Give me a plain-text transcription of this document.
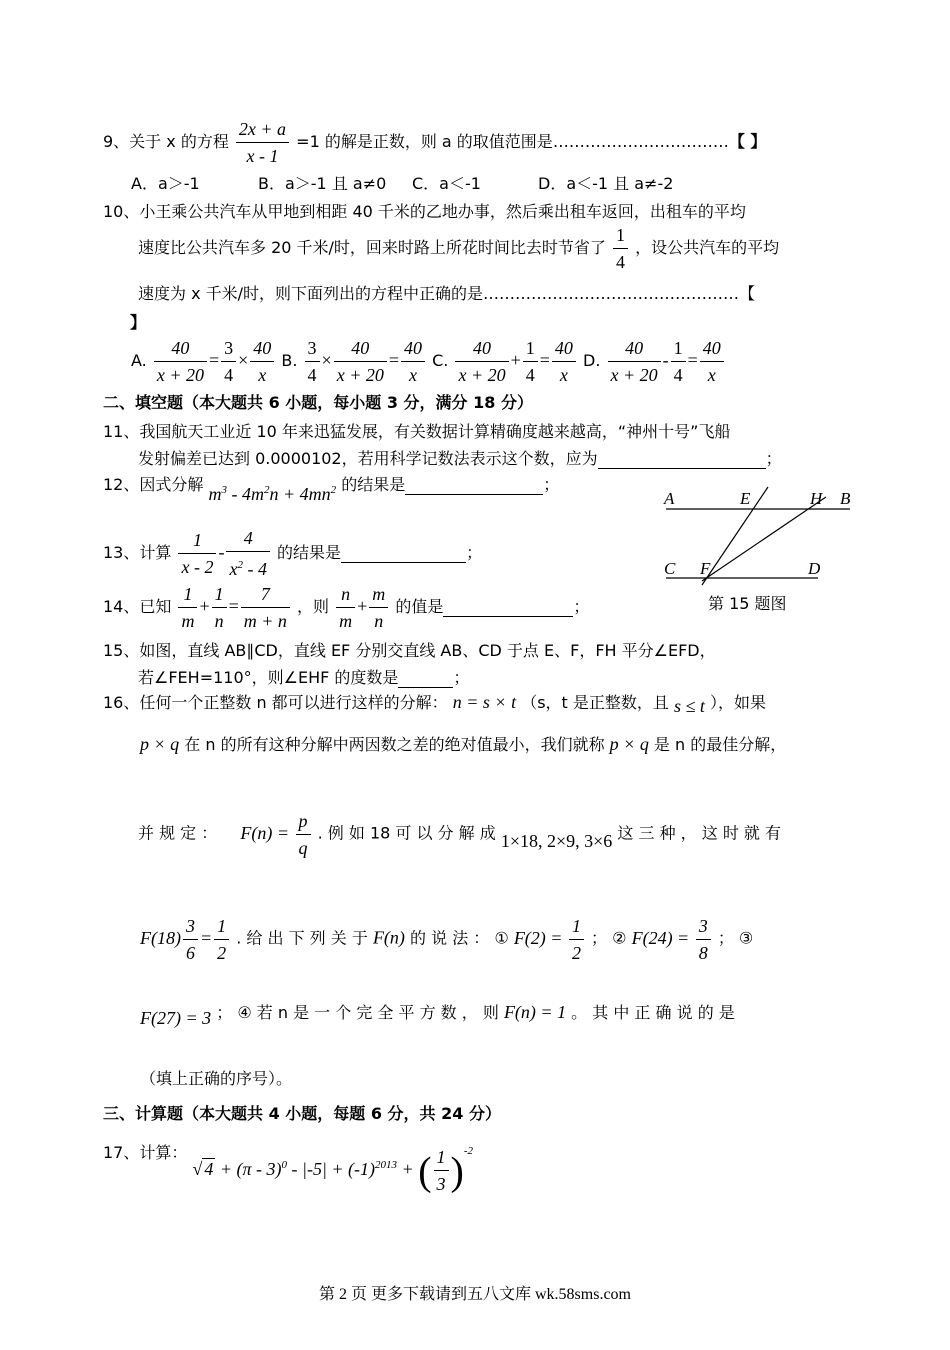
9、关于 x 的方程 $\frac{2x + a}{x - 1} =1$ 的解是正数，则 a 的取值范围是……………………………【 】
A．a＞-1	B．a＞-1 且 a≠0 C．a＜-1	D．a＜-1 且 a≠-2
10、小王乘公共汽车从甲地到相距 40 千米的乙地办事，然后乘出租车返回，出租车的平均
速度比公共汽车多 20 千米/时，回来时路上所花时间比去时节省了 $\frac{1}{4}$ ，设公共汽车的平均
速度为 x 千米/时，则下面列出的方程中正确的是…………………………………………【
】
A. $\frac{40}{x + 20} = \frac{3}{4} \times \frac{40}{x} B$. $\frac{3}{4} \times \frac{40}{x + 20} = \frac{40}{x} C$. $\frac{40}{x + 20} + \frac{1}{4} = \frac{40}{x} D$. $\frac{40}{x + 20} - \frac{1}{4} = \frac{40}{x}$
二、填空题（本大题共 6 小题，每小题 3 分，满分 18 分）
11、我国航天工业近 10 年来迅猛发展，有关数据计算精确度越来越高，“神州十号”飞船
发射偏差已达到 0.0000102，若用科学记数法表示这个数，应为	；
12、因式分解 $m^3 - 4m^2n + 4mn^2$ 的结果是	；
13、计算 $\frac{1}{x - 2} - \frac{4}{x^2 - 4}$ 的结果是	；
14、已知 $\frac{1}{m} + \frac{1}{n} = \frac{7}{m + n}$ ，则 $\frac{n}{m} + \frac{m}{n}$ 的值是	；
A	E	H B
C F	D
第 15 题图
15、如图，直线 AB∥CD，直线 EF 分别交直线 AB、CD 于点 E、F，FH 平分∠EFD，
若∠FEH=110°，则∠EHF 的度数是	；
16、任何一个正整数 n 都可以进行这样的分解： n = s × t （s，t 是正整数，且 s ≤ t ），如果
p × q 在 n 的所有这种分解中两因数之差的绝对值最小，我们就称 p × q 是 n 的最佳分解，
并 规 定 ： $F(n) = \frac{p}{q}$ . 例 如 18 可 以 分 解 成 1×18, 2×9, 3×6 这 三 种 ， 这 时 就 有
$F(18) \frac{3}{6} = \frac{1}{2}$ . 给 出 下 列 关 于 F(n) 的 说 法 ： ① $F(2) = \frac{1}{2}$ ； ② $F(24) = \frac{3}{8}$ ； ③
F(27) = 3 ； ④ 若 n 是 一 个 完 全 平 方 数 ， 则 F(n) = 1 。 其 中 正 确 说 的 是
（填上正确的序号）。
三、计算题（本大题共 4 小题，每题 6 分，共 24 分）
17、计算： √ $4 + (\pi - 3)^0 - |-5| + (-1)^{2013}$ + ( $\frac{1}{3} )^{-2}$
第 2 页 更多下载请到五八文库 wk.58sms.com
